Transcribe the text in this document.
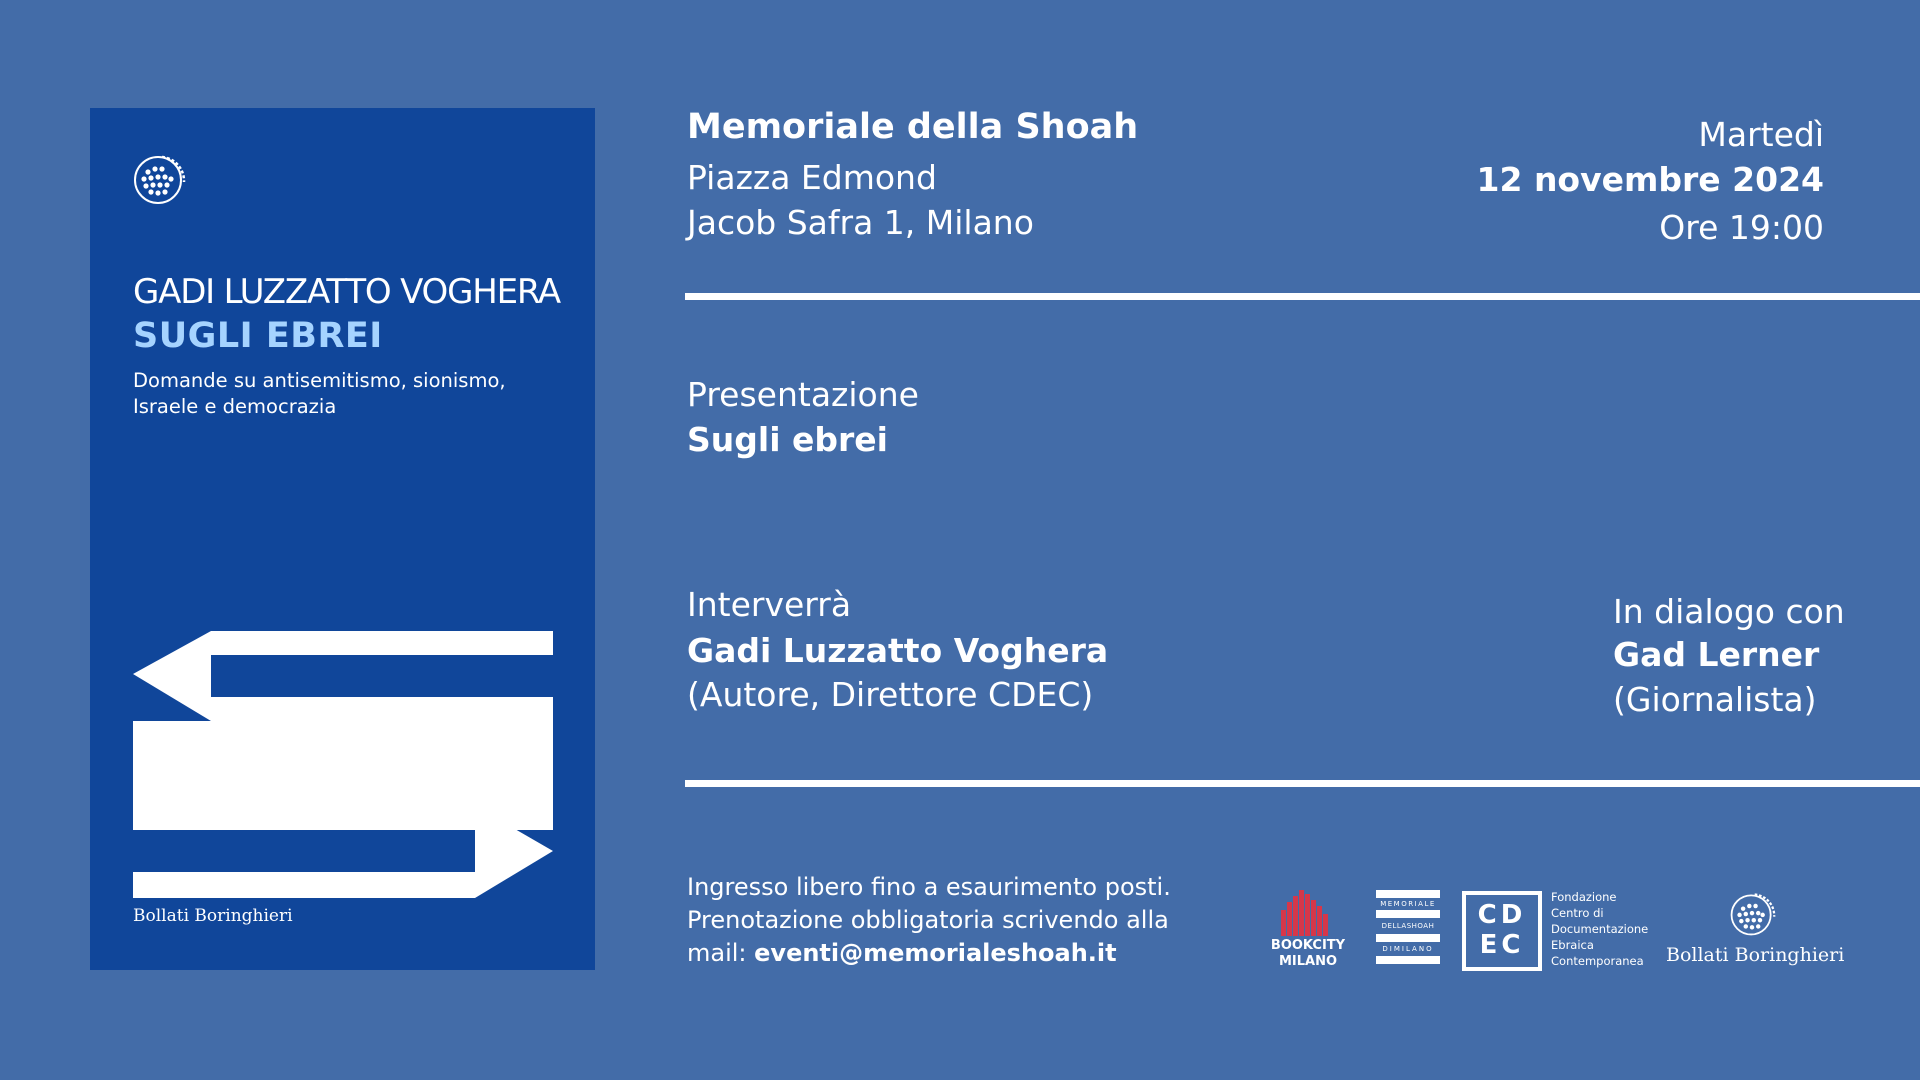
GADI LUZZATTO VOGHERA
SUGLI EBREI
Domande su antisemitismo, sionismo, Israele e democrazia
Bollati Boringhieri
Memoriale della Shoah
Piazza Edmond
Jacob Safra 1, Milano
Martedì
12 novembre 2024
Ore 19:00
Presentazione
Sugli ebrei
Interverrà
Gadi Luzzatto Voghera
(Autore, Direttore CDEC)
In dialogo con
Gad Lerner
(Giornalista)
Ingresso libero fino a esaurimento posti.
Prenotazione obbligatoria scrivendo alla
mail: eventi@memorialeshoah.it	BOOKCITY
MILANO
MEMORIALE
DELLASHOAH
DIMILANO
CD
EC
Fondazione
Centro di
Documentazione
Ebraica
Contemporanea Bollati Boringhieri
